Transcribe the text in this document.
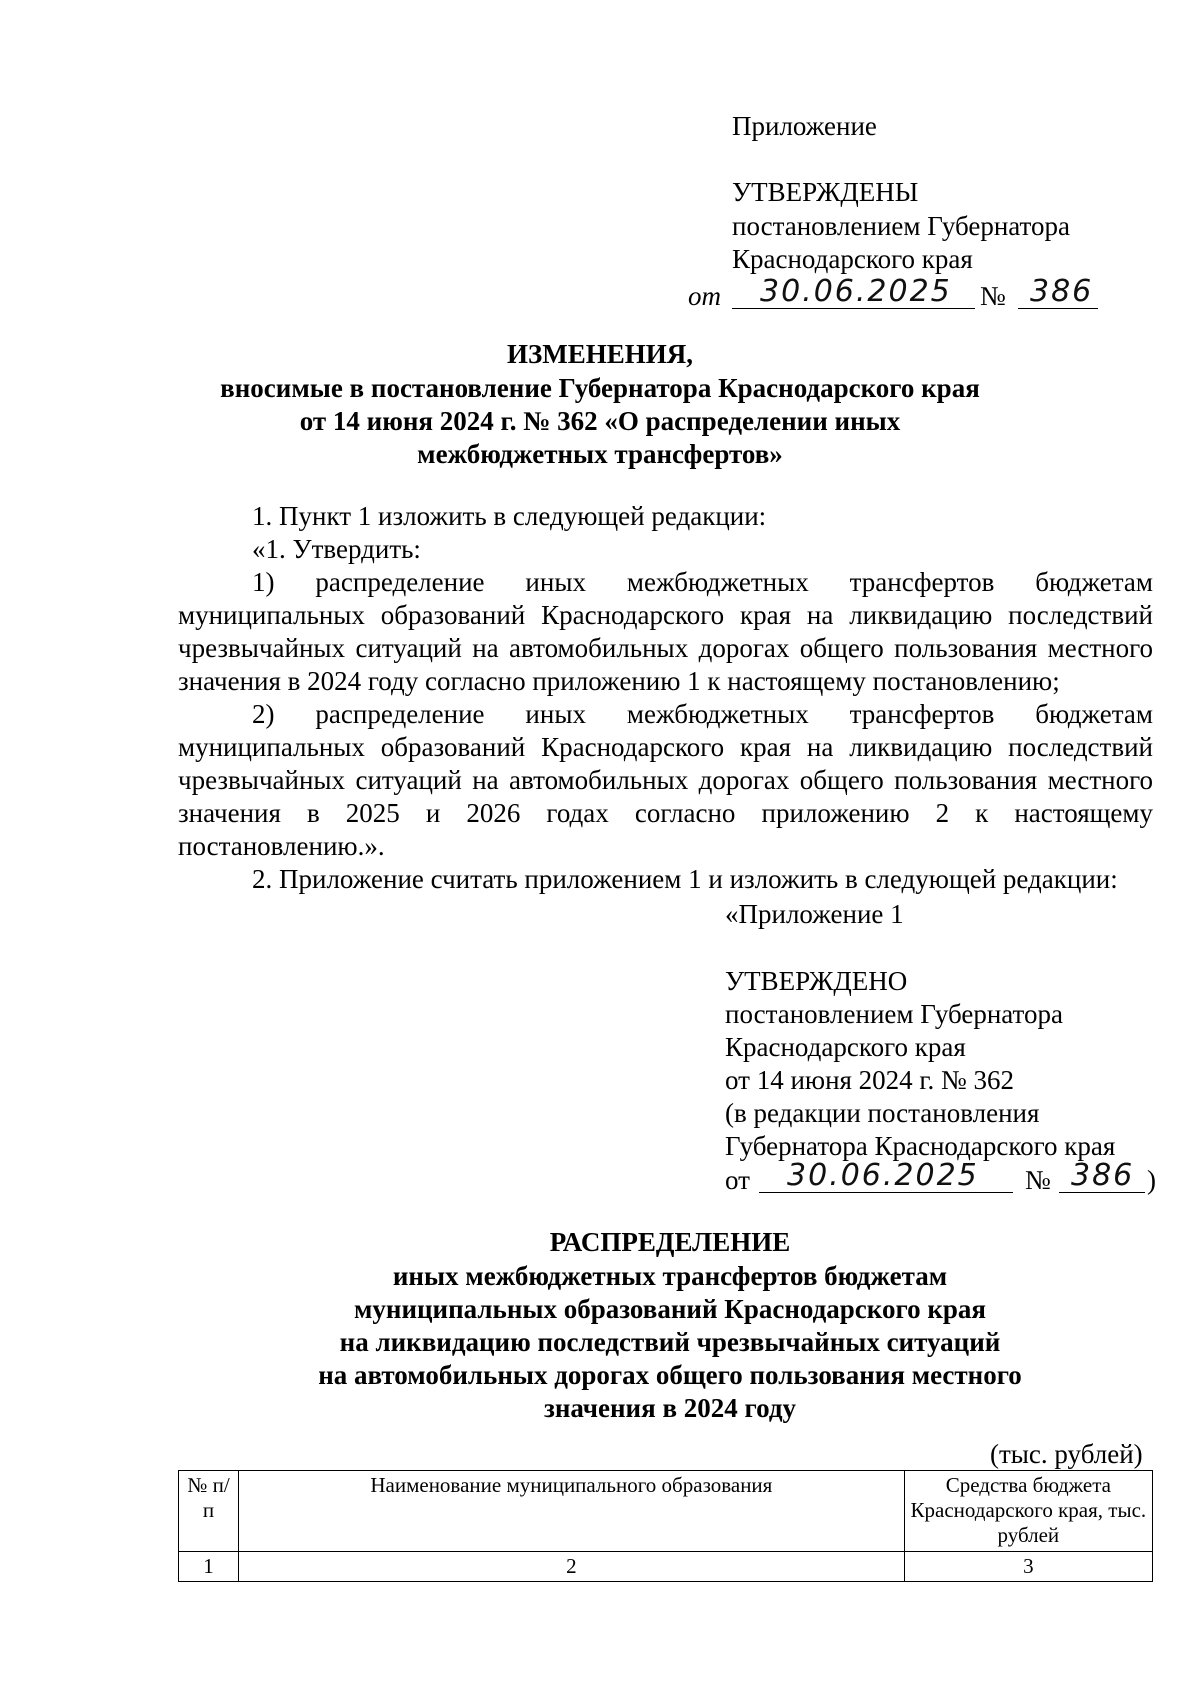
Приложение
УТВЕРЖДЕНЫ
постановлением Губернатора
Краснодарского края
от 30.06.2025 № 386
ИЗМЕНЕНИЯ,
вносимые в постановление Губернатора Краснодарского края
от 14 июня 2024 г. № 362 «О распределении иных
межбюджетных трансфертов»

1. Пункт 1 изложить в следующей редакции:

«1. Утвердить:

1) распределение иных межбюджетных трансфертов бюджетам муниципальных образований Краснодарского края на ликвидацию последствий чрезвычайных ситуаций на автомобильных дорогах общего пользования местного значения в 2024 году согласно приложению 1 к настоящему постановлению;

2) распределение иных межбюджетных трансфертов бюджетам муниципальных образований Краснодарского края на ликвидацию последствий чрезвычайных ситуаций на автомобильных дорогах общего пользования местного значения в 2025 и 2026 годах согласно приложению 2 к настоящему постановлению.».

2. Приложение считать приложением 1 и изложить в следующей редакции:

«Приложение 1
УТВЕРЖДЕНО
постановлением Губернатора
Краснодарского края
от 14 июня 2024 г. № 362
(в редакции постановления
Губернатора Краснодарского края
от 30.06.2025 № 386 )
РАСПРЕДЕЛЕНИЕ
иных межбюджетных трансфертов бюджетам
муниципальных образований Краснодарского края
на ликвидацию последствий чрезвычайных ситуаций
на автомобильных дорогах общего пользования местного
значения в 2024 году
(тыс. рублей)
№ п/п	Наименование муниципального образования	Средства бюджета Краснодарского края, тыс. рублей
1	2	3
